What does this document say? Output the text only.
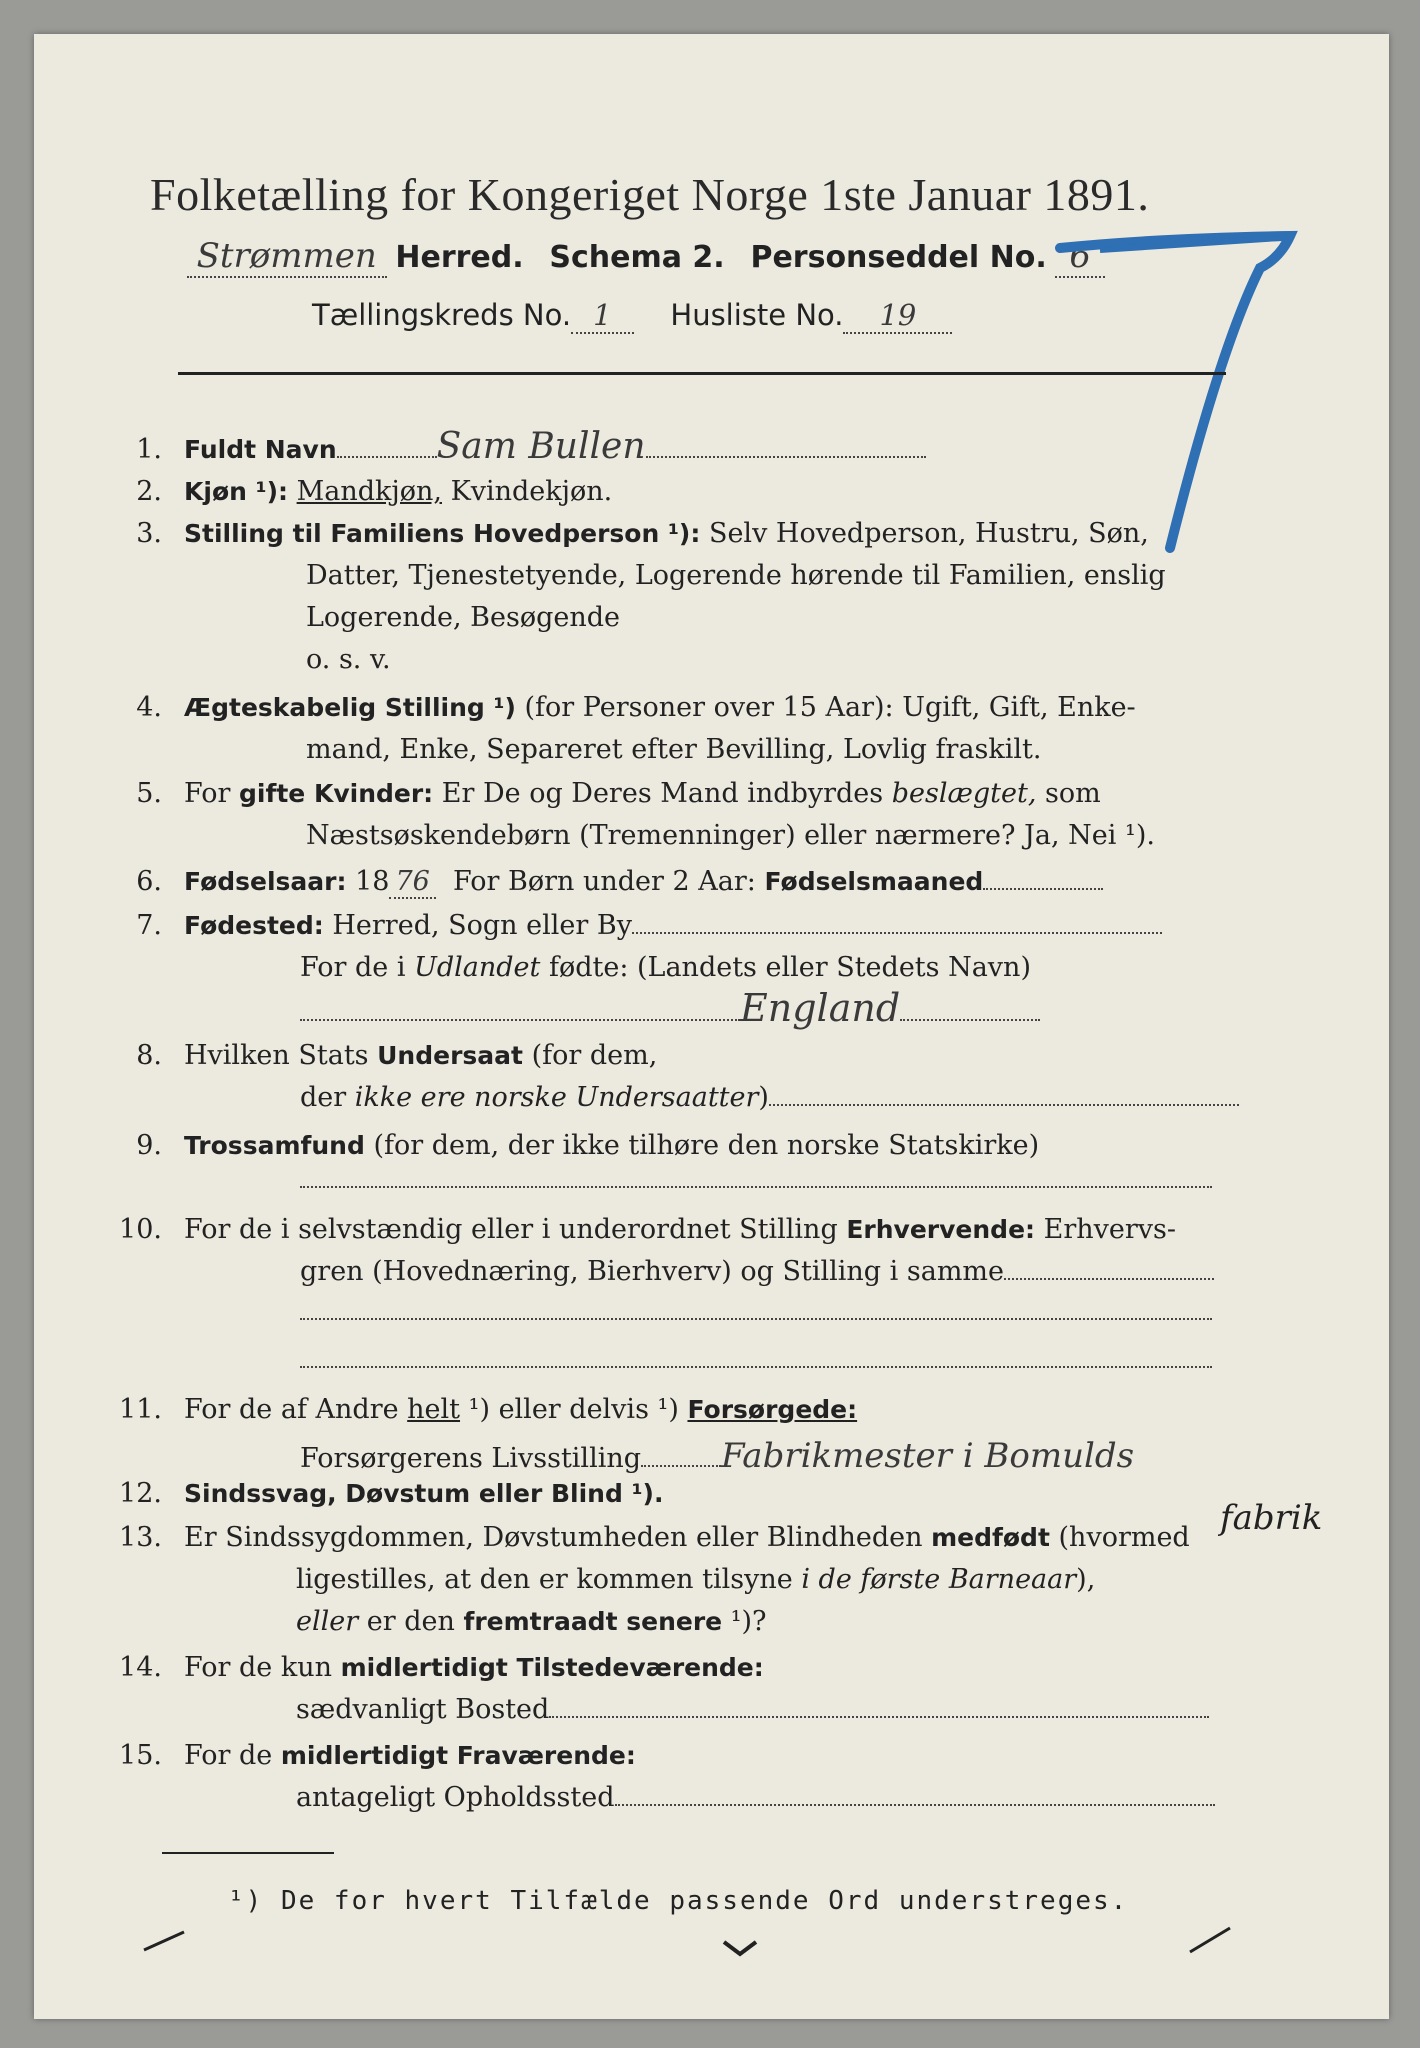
Folketælling for Kongeriget Norge 1ste Januar 1891.
Strømmen Herred. Schema 2. Personseddel No. 6
Tællingskreds No. 1 Husliste No. 19
1. Fuldt Navn	Sam Bullen
2. Kjøn ¹): Mandkjøn, Kvindekjøn.
3. Stilling til Familiens Hovedperson ¹): Selv Hovedperson, Hustru, Søn,
Datter, Tjenestetyende, Logerende hørende til Familien, enslig
Logerende, Besøgende
o. s. v.
4. Ægteskabelig Stilling ¹) (for Personer over 15 Aar): Ugift, Gift, Enke-
mand, Enke, Separeret efter Bevilling, Lovlig fraskilt.
5. For gifte Kvinder: Er De og Deres Mand indbyrdes beslægtet, som
Næstsøskendebørn (Tremenninger) eller nærmere? Ja, Nei ¹).
6. Fødselsaar: 18 76 For Børn under 2 Aar: Fødselsmaaned
7. Fødested: Herred, Sogn eller By
For de i Udlandet fødte: (Landets eller Stedets Navn)
England
8. Hvilken Stats Undersaat (for dem,
der ikke ere norske Undersaatter)
9. Trossamfund (for dem, der ikke tilhøre den norske Statskirke)
10. For de i selvstændig eller i underordnet Stilling Erhvervende: Erhvervs-
gren (Hovednæring, Bierhverv) og Stilling i samme
11. For de af Andre helt ¹) eller delvis ¹) Forsørgede:
Forsørgerens Livsstilling Fabrikmester i Bomulds
fabrik
12. Sindssvag, Døvstum eller Blind ¹).
13. Er Sindssygdommen, Døvstumheden eller Blindheden medfødt (hvormed
ligestilles, at den er kommen tilsyne i de første Barneaar),
eller er den fremtraadt senere ¹)?
14. For de kun midlertidigt Tilstedeværende:
sædvanligt Bosted
15. For de midlertidigt Fraværende:
antageligt Opholdssted
¹) De for hvert Tilfælde passende Ord understreges.
